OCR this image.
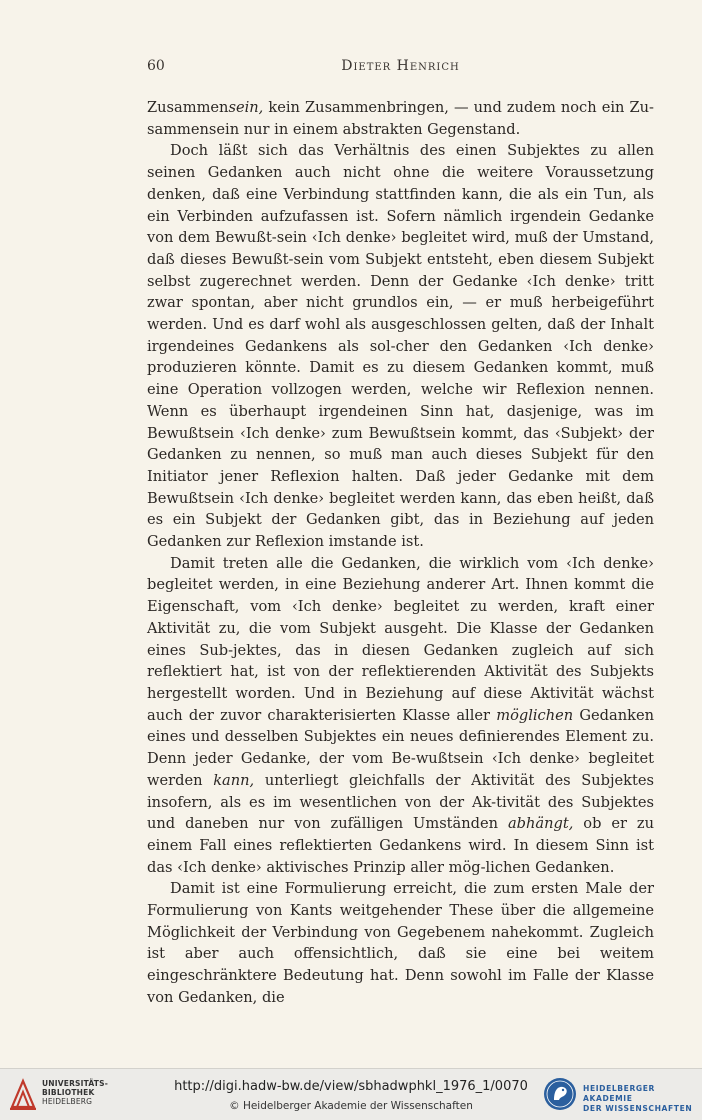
60	Dieter Henrich

Zusammensein, kein Zusammenbringen, — und zudem noch ein Zu-sammensein nur in einem abstrakten Gegenstand.

Doch läßt sich das Verhältnis des einen Subjektes zu allen seinen Gedanken auch nicht ohne die weitere Voraussetzung denken, daß eine Verbindung stattfinden kann, die als ein Tun, als ein Verbinden aufzufassen ist. Sofern nämlich irgendein Gedanke von dem Bewußt-sein ‹Ich denke› begleitet wird, muß der Umstand, daß dieses Bewußt-sein vom Subjekt entsteht, eben diesem Subjekt selbst zugerechnet werden. Denn der Gedanke ‹Ich denke› tritt zwar spontan, aber nicht grundlos ein, — er muß herbeigeführt werden. Und es darf wohl als ausgeschlossen gelten, daß der Inhalt irgendeines Gedankens als sol-cher den Gedanken ‹Ich denke› produzieren könnte. Damit es zu diesem Gedanken kommt, muß eine Operation vollzogen werden, welche wir Reflexion nennen. Wenn es überhaupt irgendeinen Sinn hat, dasjenige, was im Bewußtsein ‹Ich denke› zum Bewußtsein kommt, das ‹Subjekt› der Gedanken zu nennen, so muß man auch dieses Subjekt für den Initiator jener Reflexion halten. Daß jeder Gedanke mit dem Bewußtsein ‹Ich denke› begleitet werden kann, das eben heißt, daß es ein Subjekt der Gedanken gibt, das in Beziehung auf jeden Gedanken zur Reflexion imstande ist.

Damit treten alle die Gedanken, die wirklich vom ‹Ich denke› begleitet werden, in eine Beziehung anderer Art. Ihnen kommt die Eigenschaft, vom ‹Ich denke› begleitet zu werden, kraft einer Aktivität zu, die vom Subjekt ausgeht. Die Klasse der Gedanken eines Sub-jektes, das in diesen Gedanken zugleich auf sich reflektiert hat, ist von der reflektierenden Aktivität des Subjekts hergestellt worden. Und in Beziehung auf diese Aktivität wächst auch der zuvor charakterisierten Klasse aller möglichen Gedanken eines und desselben Subjektes ein neues definierendes Element zu. Denn jeder Gedanke, der vom Be-wußtsein ‹Ich denke› begleitet werden kann, unterliegt gleichfalls der Aktivität des Subjektes insofern, als es im wesentlichen von der Ak-tivität des Subjektes und daneben nur von zufälligen Umständen abhängt, ob er zu einem Fall eines reflektierten Gedankens wird. In diesem Sinn ist das ‹Ich denke› aktivisches Prinzip aller mög-lichen Gedanken.

Damit ist eine Formulierung erreicht, die zum ersten Male der Formulierung von Kants weitgehender These über die allgemeine Möglichkeit der Verbindung von Gegebenem nahekommt. Zugleich ist aber auch offensichtlich, daß sie eine bei weitem eingeschränktere Bedeutung hat. Denn sowohl im Falle der Klasse von Gedanken, die

UNIVERSITÄTS-
BIBLIOTHEK
HEIDELBERG
http://digi.hadw-bw.de/view/sbhadwphkl_1976_1/0070
© Heidelberger Akademie der Wissenschaften
HEIDELBERGER AKADEMIE
DER WISSENSCHAFTEN
